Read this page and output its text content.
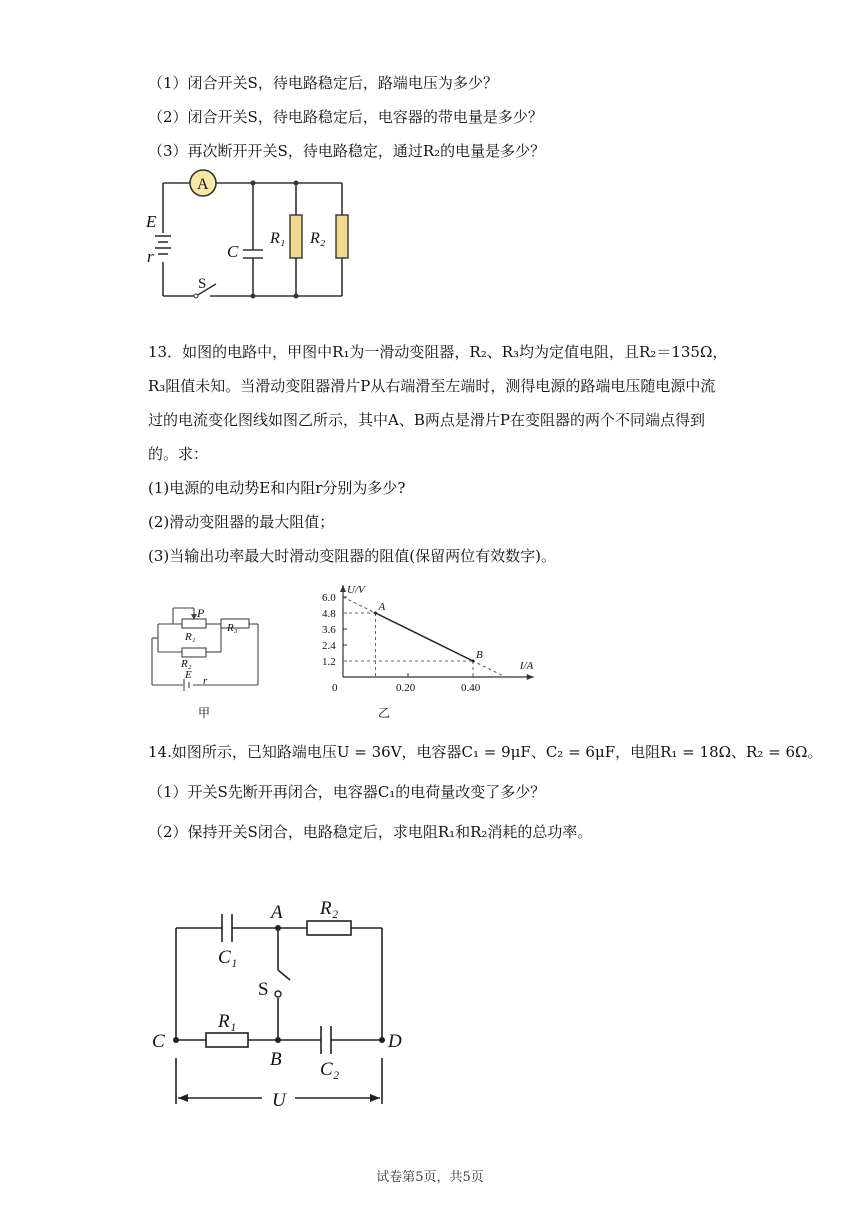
（1）闭合开关S，待电路稳定后，路端电压为多少？
（2）闭合开关S，待电路稳定后，电容器的带电量是多少？
（3）再次断开开关S，待电路稳定，通过R₂的电量是多少？
A
E
r	C
R₁ R₂
S
13．如图的电路中，甲图中R₁为一滑动变阻器，R₂、R₃均为定值电阻，且R₂＝135Ω，
R₃阻值未知。当滑动变阻器滑片P从右端滑至左端时，测得电源的路端电压随电源中流
过的电流变化图线如图乙所示，其中A、B两点是滑片P在变阻器的两个不同端点得到
的。求：
(1)电源的电动势E和内阻r分别为多少?
(2)滑动变阻器的最大阻值；
(3)当输出功率最大时滑动变阻器的阻值(保留两位有效数字)。
P
R₁
R₃
R₂
E r
甲
I/A
U/V
0
6.0
4.8
3.6
2.4
1.2
0.20	0.40
A
B
乙
14.如图所示，已知路端电压U = 36V，电容器C₁ = 9μF、C₂ = 6μF，电阻R₁ = 18Ω、R₂ = 6Ω。
（1）开关S先断开再闭合，电容器C₁的电荷量改变了多少？
（2）保持开关S闭合，电路稳定后，求电阻R₁和R₂消耗的总功率。
A R₂
C₁
S
C
R₁
B C₂
D
U
试卷第5页，共5页
